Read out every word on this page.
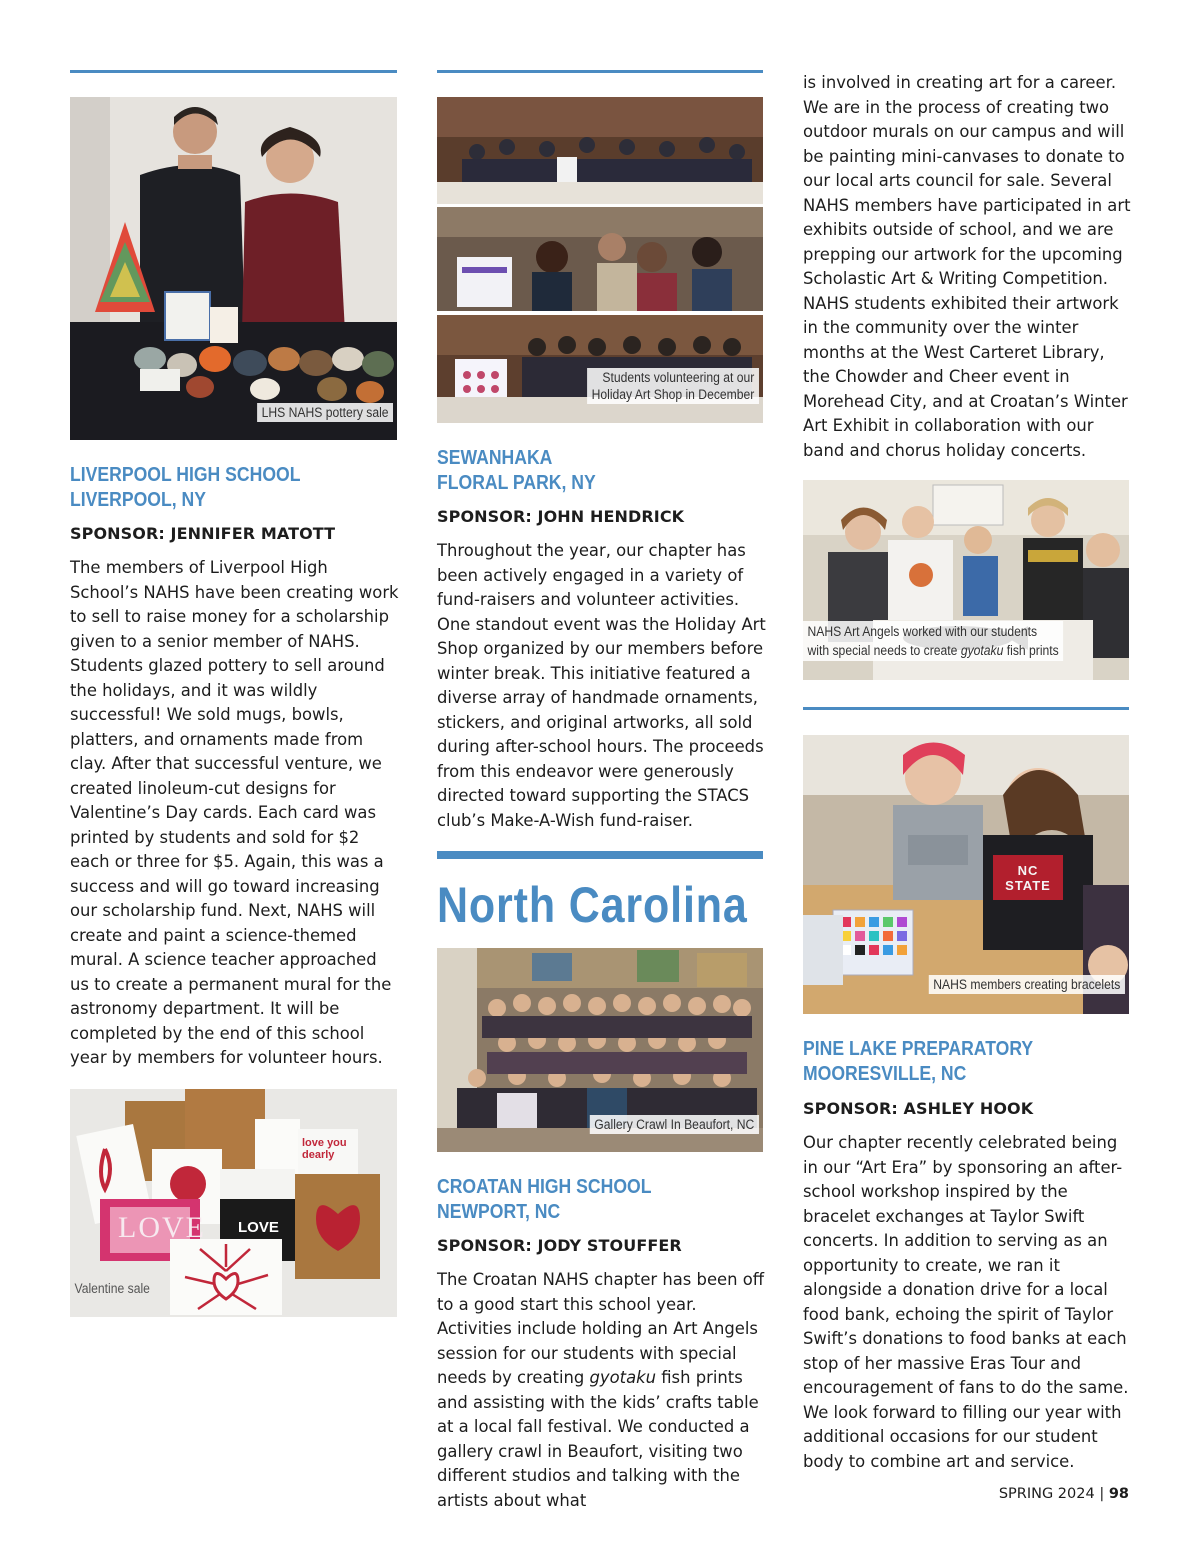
LHS NAHS pottery sale
LIVERPOOL HIGH SCHOOL
LIVERPOOL, NY
SPONSOR: JENNIFER MATOTT

The members of Liverpool High School’s NAHS have been creating work to sell to raise money for a scholarship given to a senior member of NAHS. Students glazed pottery to sell around the holidays, and it was wildly successful! We sold mugs, bowls, platters, and ornaments made from clay. After that successful venture, we created linoleum-cut designs for Valentine’s Day cards. Each card was printed by students and sold for $2 each or three for $5. Again, this was a success and will go toward increasing our scholarship fund. Next, NAHS will create and paint a science-themed mural. A science teacher approached us to create a permanent mural for the astronomy department. It will be completed by the end of this school year by members for volunteer hours.

LOVE LOVE
love you dearly
Valentine sale
Students volunteering at our
Holiday Art Shop in December
SEWANHAKA
FLORAL PARK, NY
SPONSOR: JOHN HENDRICK

Throughout the year, our chapter has been actively engaged in a variety of fund-raisers and volunteer activities. One standout event was the Holiday Art Shop organized by our members before winter break. This initiative featured a diverse array of handmade ornaments, stickers, and original artworks, all sold during after-school hours. The proceeds from this endeavor were generously directed toward supporting the STACS club’s Make-A-Wish fund-raiser.

North Carolina
Gallery Crawl In Beaufort, NC
CROATAN HIGH SCHOOL
NEWPORT, NC
SPONSOR: JODY STOUFFER

The Croatan NAHS chapter has been off to a good start this school year. Activities include holding an Art Angels session for our students with special needs by creating gyotaku fish prints and assisting with the kids’ crafts table at a local fall festival. We conducted a gallery crawl in Beaufort, visiting two different studios and talking with the artists about what

is involved in creating art for a career. We are in the process of creating two outdoor murals on our campus and will be painting mini-canvases to donate to our local arts council for sale. Several NAHS members have participated in art exhibits outside of school, and we are prepping our artwork for the upcoming Scholastic Art & Writing Competition. NAHS students exhibited their artwork in the community over the winter months at the West Carteret Library, the Chowder and Cheer event in Morehead City, and at Croatan’s Winter Art Exhibit in collaboration with our band and chorus holiday concerts.

NAHS Art Angels worked with our students
with special needs to create gyotaku fish prints
NC STATE
NAHS members creating bracelets
PINE LAKE PREPARATORY
MOORESVILLE, NC
SPONSOR: ASHLEY HOOK

Our chapter recently celebrated being in our “Art Era” by sponsoring an after-school workshop inspired by the bracelet exchanges at Taylor Swift concerts. In addition to serving as an opportunity to create, we ran it alongside a donation drive for a local food bank, echoing the spirit of Taylor Swift’s donations to food banks at each stop of her massive Eras Tour and encouragement of fans to do the same. We look forward to filling our year with additional occasions for our student body to combine art and service.

SPRING 2024 | 98
